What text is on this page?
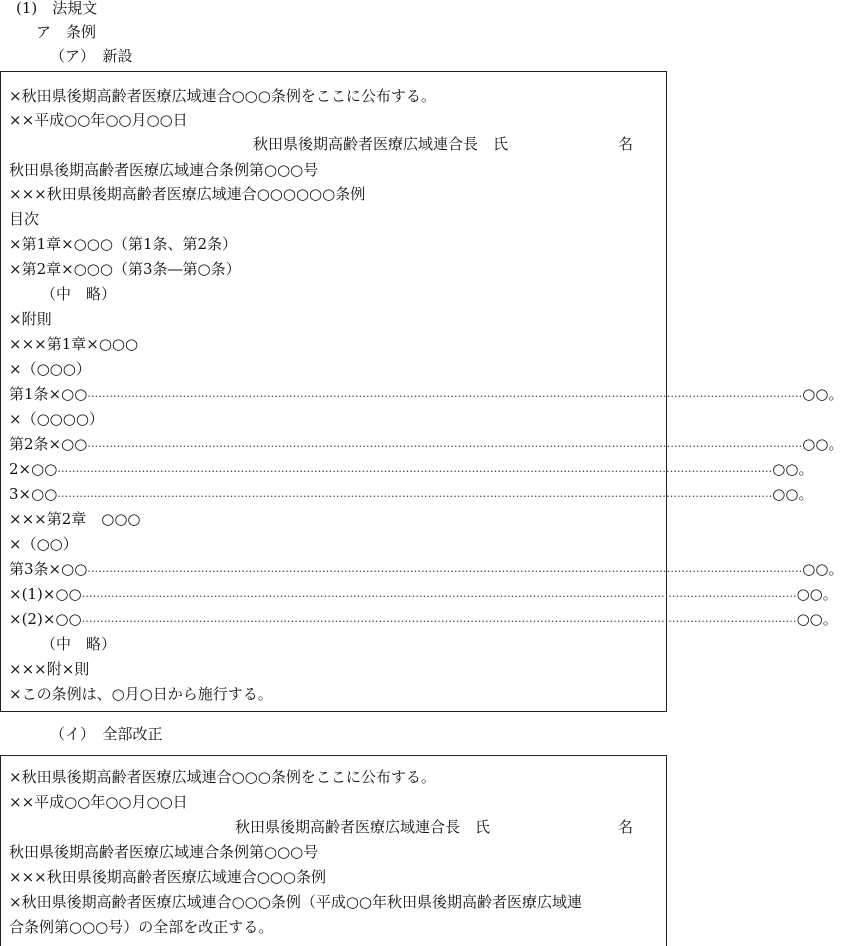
(1)　法規文
ア　条例
（ア）　新設
×秋田県後期高齢者医療広域連合○○○条例をここに公布する。
××平成○○年○○月○○日
秋田県後期高齢者医療広域連合長　氏	名
秋田県後期高齢者医療広域連合条例第○○○号
×××秋田県後期高齢者医療広域連合○○○○○○条例
目次
×第1章×○○○（第1条、第2条）
×第2章×○○○（第3条―第○条）
（中　略）
×附則
×××第1章×○○○
×（○○○）
第1条×○○ …………………………………………………………………………………………………………………………………………………………………………… ○○。
×（○○○○）
第2条×○○ …………………………………………………………………………………………………………………………………………………………………………… ○○。
2×○○ …………………………………………………………………………………………………………………………………………………………………………… ○○。
3×○○ …………………………………………………………………………………………………………………………………………………………………………… ○○。
×××第2章　○○○
×（○○）
第3条×○○ …………………………………………………………………………………………………………………………………………………………………………… ○○。
×(1)×○○ …………………………………………………………………………………………………………………………………………………………………………… ○○。
×(2)×○○ …………………………………………………………………………………………………………………………………………………………………………… ○○。
（中　略）
×××附×則
×この条例は、○月○日から施行する。
（イ）　全部改正
×秋田県後期高齢者医療広域連合○○○条例をここに公布する。
××平成○○年○○月○○日
秋田県後期高齢者医療広域連合長　氏	名
秋田県後期高齢者医療広域連合条例第○○○号
×××秋田県後期高齢者医療広域連合○○○条例
×秋田県後期高齢者医療広域連合○○○条例（平成○○年秋田県後期高齢者医療広域連
合条例第○○○号）の全部を改正する。
